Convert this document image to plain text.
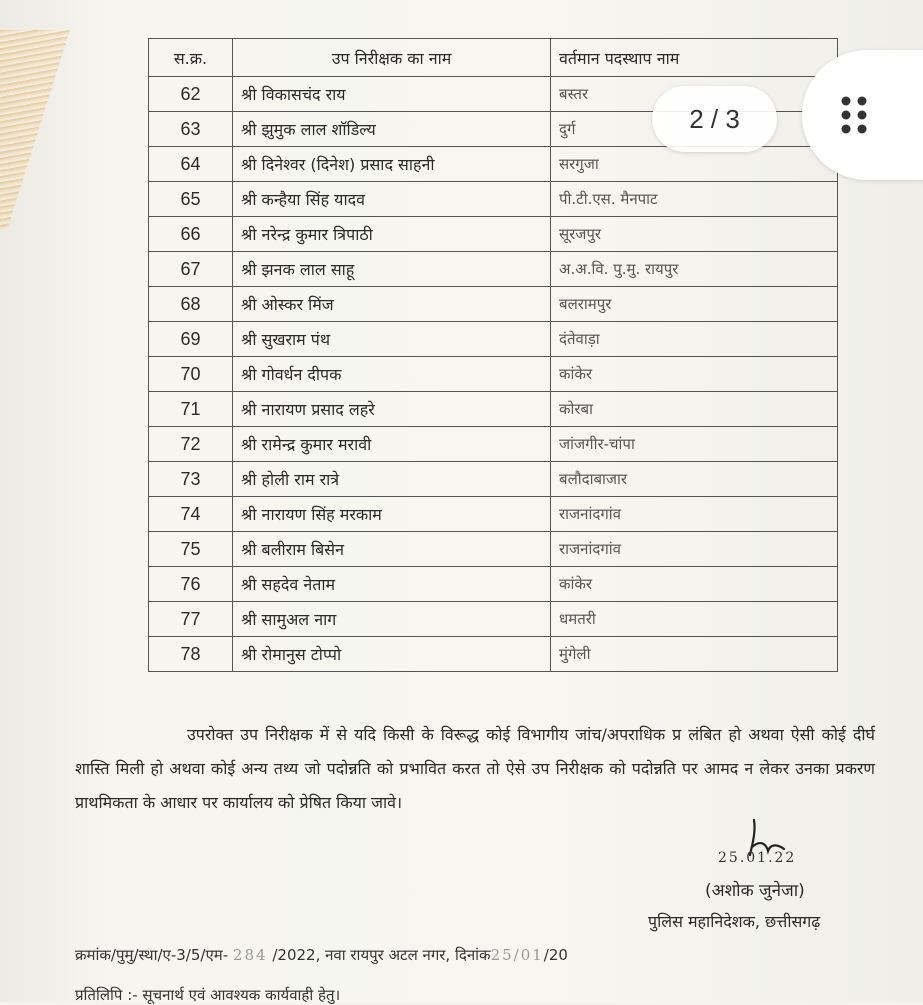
स.क्र.	उप निरीक्षक का नाम	वर्तमान पदस्थाप नाम
62	श्री विकासचंद राय	बस्तर
63	श्री झुमुक लाल शॉडिल्य	दुर्ग
64	श्री दिनेश्वर (दिनेश) प्रसाद साहनी	सरगुजा
65	श्री कन्हैया सिंह यादव	पी.टी.एस. मैनपाट
66	श्री नरेन्द्र कुमार त्रिपाठी	सूरजपुर
67	श्री झनक लाल साहू	अ.अ.वि. पु.मु. रायपुर
68	श्री ओस्कर मिंज	बलरामपुर
69	श्री सुखराम पंथ	दंतेवाड़ा
70	श्री गोवर्धन दीपक	कांकेर
71	श्री नारायण प्रसाद लहरे	कोरबा
72	श्री रामेन्द्र कुमार मरावी	जांजगीर-चांपा
73	श्री होली राम रात्रे	बलौदाबाजार
74	श्री नारायण सिंह मरकाम	राजनांदगांव
75	श्री बलीराम बिसेन	राजनांदगांव
76	श्री सहदेव नेताम	कांकेर
77	श्री सामुअल नाग	धमतरी
78	श्री रोमानुस टोप्पो	मुंगेली
उपरोक्त उप निरीक्षक में से यदि किसी के विरूद्ध कोई विभागीय जांच/अपराधिक प्र लंबित हो अथवा ऐसी कोई दीर्घ शास्ति मिली हो अथवा कोई अन्य तथ्य जो पदोन्नति को प्रभावित करत तो ऐसे उप निरीक्षक को पदोन्नति पर आमद न लेकर उनका प्रकरण प्राथमिकता के आधार पर कार्यालय को प्रेषित किया जावे।
25.01.22
(अशोक जुनेजा)
पुलिस महानिदेशक, छत्तीसगढ़
क्रमांक/पुमु/स्था/ए-3/5/एम- 284 /2022, नवा रायपुर अटल नगर, दिनांक25/01/20
प्रतिलिपि :- सूचनार्थ एवं आवश्यक कार्यवाही हेतु।
2 / 3
